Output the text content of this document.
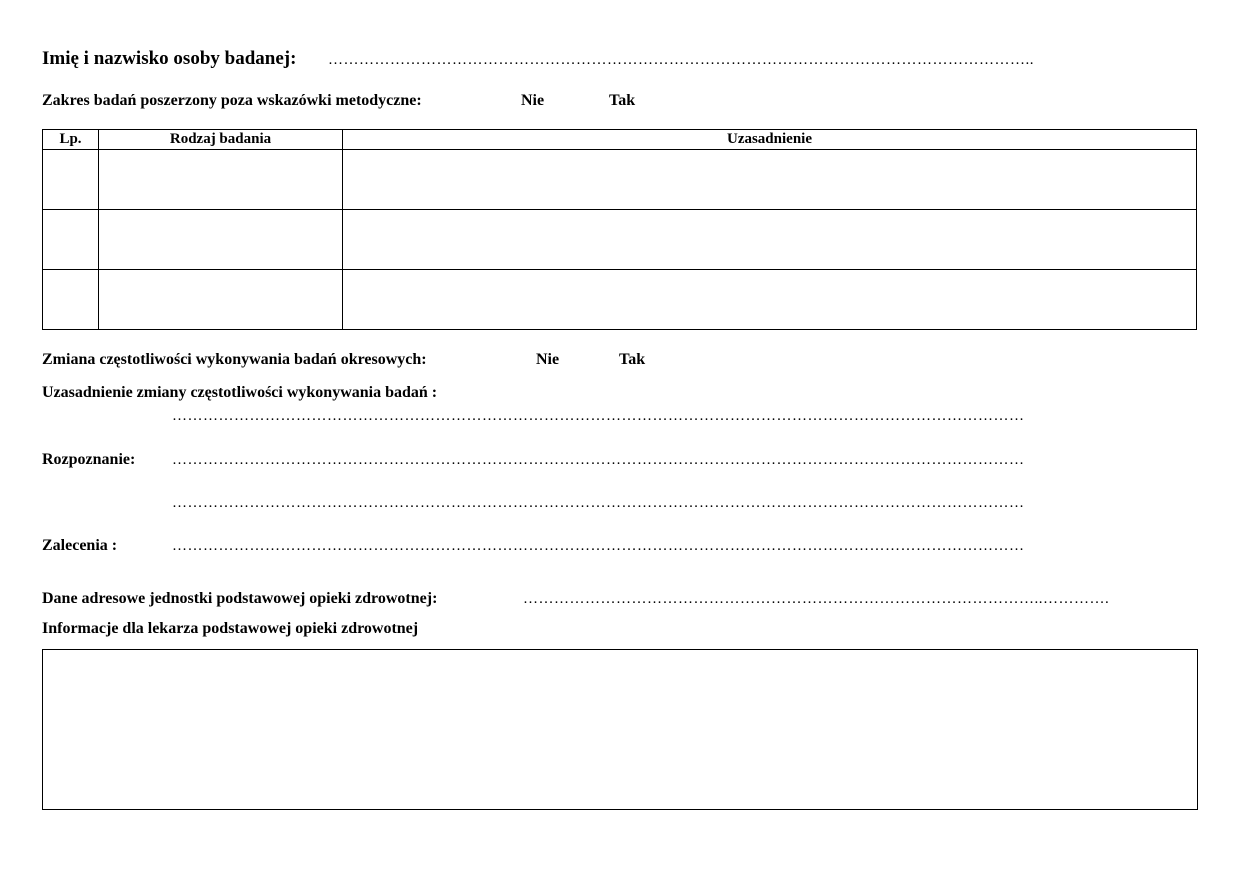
Imię i nazwisko osoby badanej: ………………………………………………………………………………………………………………………..
Zakres badań poszerzony poza wskazówki metodyczne:	Nie	Tak
Lp.	Rodzaj badania	Uzasadnienie

Zmiana częstotliwości wykonywania badań okresowych:	Nie	Tak
Uzasadnienie zmiany częstotliwości wykonywania badań :
…………………………………………………………………………………………………………………………………………………
Rozpoznanie: …………………………………………………………………………………………………………………………………………………
…………………………………………………………………………………………………………………………………………………
Zalecenia :	…………………………………………………………………………………………………………………………………………………
Dane adresowe jednostki podstawowej opieki zdrowotnej:	………………………………………………………………………………………..………….
Informacje dla lekarza podstawowej opieki zdrowotnej
